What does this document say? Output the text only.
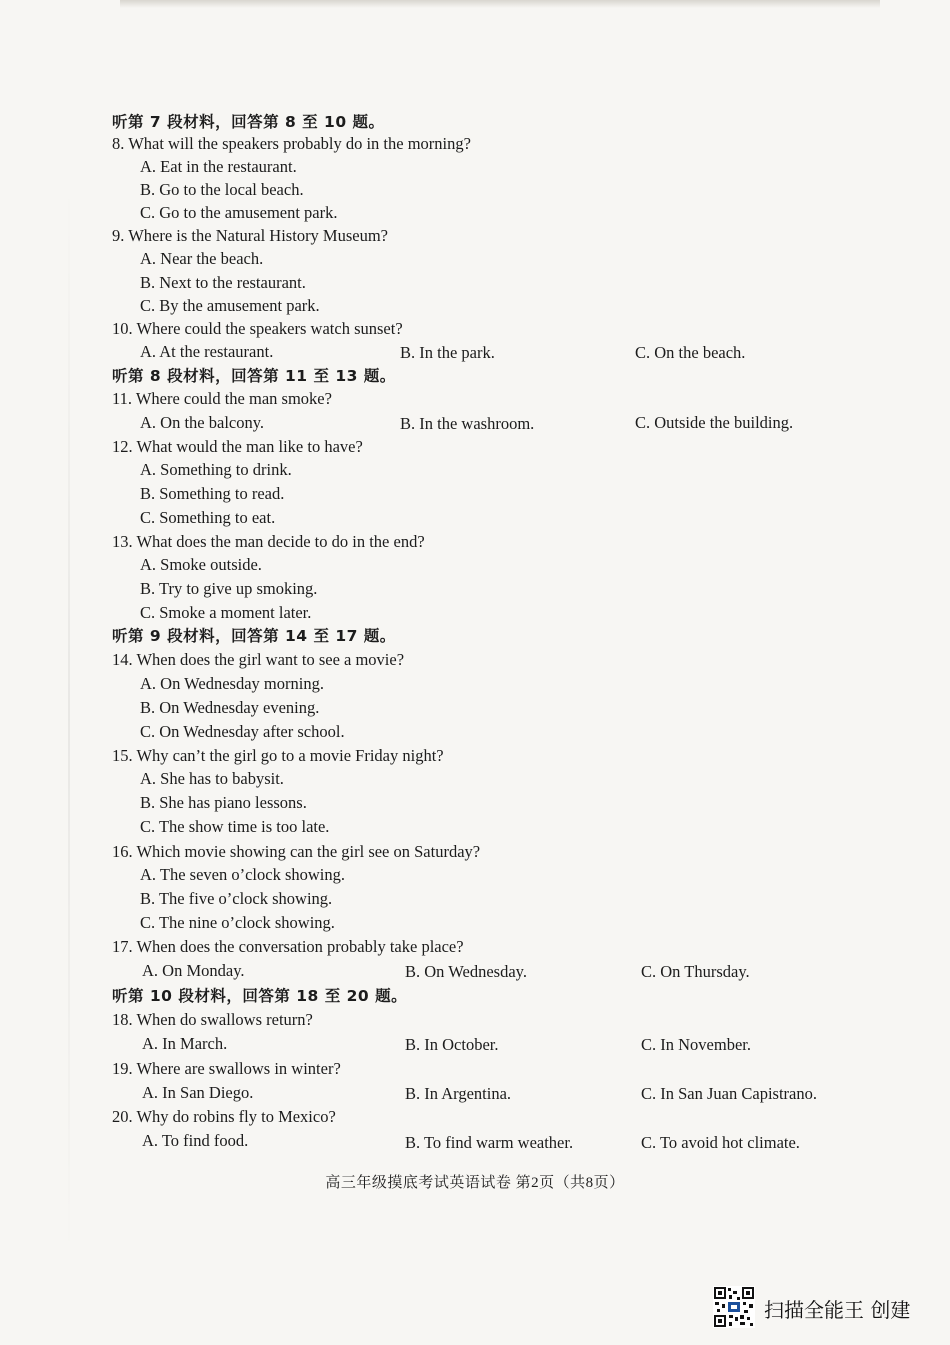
听第 7 段材料，回答第 8 至 10 题。
8. What will the speakers probably do in the morning?
A. Eat in the restaurant.
B. Go to the local beach.
C. Go to the amusement park.
9. Where is the Natural History Museum?
A. Near the beach.
B. Next to the restaurant.
C. By the amusement park.
10. Where could the speakers watch sunset?
A. At the restaurant.	B. In the park.	C. On the beach.
听第 8 段材料，回答第 11 至 13 题。
11. Where could the man smoke?
A. On the balcony.	B. In the washroom.	C. Outside the building.
12. What would the man like to have?
A. Something to drink.
B. Something to read.
C. Something to eat.
13. What does the man decide to do in the end?
A. Smoke outside.
B. Try to give up smoking.
C. Smoke a moment later.
听第 9 段材料，回答第 14 至 17 题。
14. When does the girl want to see a movie?
A. On Wednesday morning.
B. On Wednesday evening.
C. On Wednesday after school.
15. Why can’t the girl go to a movie Friday night?
A. She has to babysit.
B. She has piano lessons.
C. The show time is too late.
16. Which movie showing can the girl see on Saturday?
A. The seven o’clock showing.
B. The five o’clock showing.
C. The nine o’clock showing.
17. When does the conversation probably take place?
A. On Monday.	B. On Wednesday.	C. On Thursday.
听第 10 段材料，回答第 18 至 20 题。
18. When do swallows return?
A. In March.	B. In October.	C. In November.
19. Where are swallows in winter?
A. In San Diego.	B. In Argentina.	C. In San Juan Capistrano.
20. Why do robins fly to Mexico?
A. To find food.	B. To find warm weather.	C. To avoid hot climate.
高三年级摸底考试英语试卷 第2页（共8页）
扫描全能王 创建
